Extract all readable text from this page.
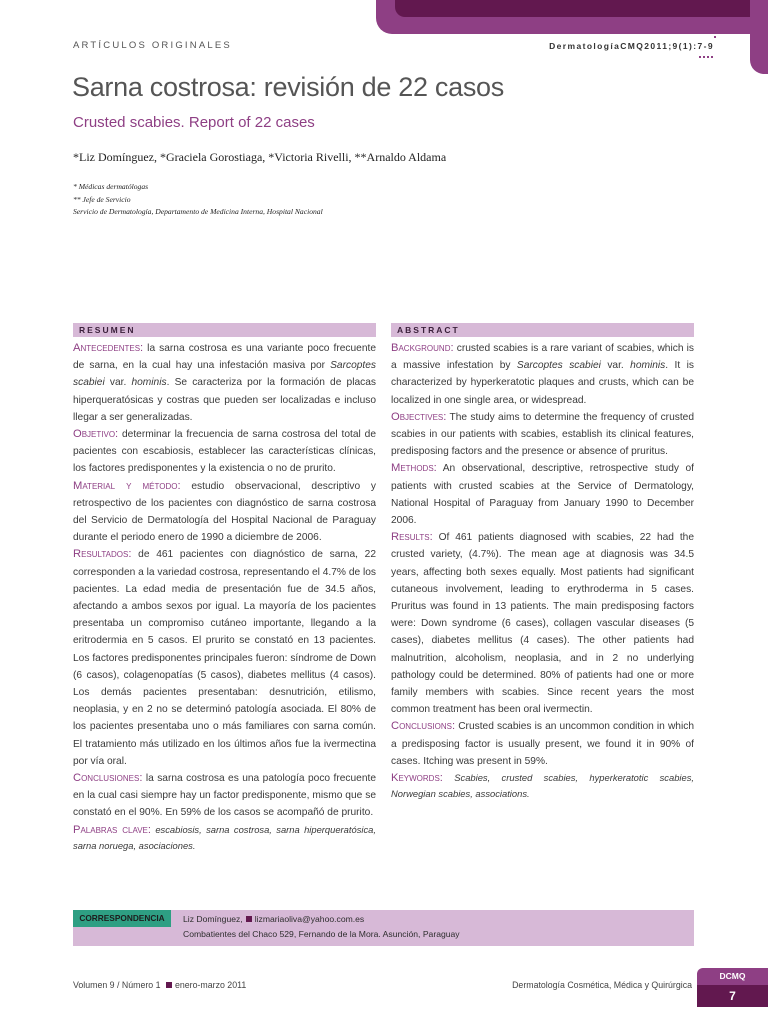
ARTÍCULOS ORIGINALES	DermatologíaCMQ2011;9(1):7-9
Sarna costrosa: revisión de 22 casos
Crusted scabies. Report of 22 cases
*Liz Domínguez, *Graciela Gorostiaga, *Victoria Rivelli, **Arnaldo Aldama
* Médicas dermatólogas
** Jefe de Servicio
Servicio de Dermatología, Departamento de Medicina Interna, Hospital Nacional
RESUMEN

Antecedentes: la sarna costrosa es una variante poco frecuente de sarna, en la cual hay una infestación masiva por Sarcoptes scabiei var. hominis. Se caracteriza por la formación de placas hiperqueratósicas y costras que pueden ser localizadas e incluso llegar a ser generalizadas.

Objetivo: determinar la frecuencia de sarna costrosa del total de pacientes con escabiosis, establecer las características clínicas, los factores predisponentes y la existencia o no de prurito.

Material y método: estudio observacional, descriptivo y retrospectivo de los pacientes con diagnóstico de sarna costrosa del Servicio de Dermatología del Hospital Nacional de Paraguay durante el periodo enero de 1990 a diciembre de 2006.

Resultados: de 461 pacientes con diagnóstico de sarna, 22 corresponden a la variedad costrosa, representando el 4.7% de los pacientes. La edad media de presentación fue de 34.5 años, afectando a ambos sexos por igual. La mayoría de los pacientes presentaba un compromiso cutáneo importante, llegando a la eritrodermia en 5 casos. El prurito se constató en 13 pacientes. Los factores predisponentes principales fueron: síndrome de Down (6 casos), colagenopatías (5 casos), diabetes mellitus (4 casos). Los demás pacientes presentaban: desnutrición, etilismo, neoplasia, y en 2 no se determinó patología asociada. El 80% de los pacientes presentaba uno o más familiares con sarna común. El tratamiento más utilizado en los últimos años fue la ivermectina por vía oral.

Conclusiones: la sarna costrosa es una patología poco frecuente en la cual casi siempre hay un factor predisponente, mismo que se constató en el 90%. En 59% de los casos se acompañó de prurito.

Palabras clave: escabiosis, sarna costrosa, sarna hiperqueratósica, sarna noruega, asociaciones.

ABSTRACT

Background: crusted scabies is a rare variant of scabies, which is a massive infestation by Sarcoptes scabiei var. hominis. It is characterized by hyperkeratotic plaques and crusts, which can be localized in one single area, or widespread.

Objectives: The study aims to determine the frequency of crusted scabies in our patients with scabies, establish its clinical features, predisposing factors and the presence or absence of pruritus.

Methods: An observational, descriptive, retrospective study of patients with crusted scabies at the Service of Dermatology, National Hospital of Paraguay from January 1990 to December 2006.

Results: Of 461 patients diagnosed with scabies, 22 had the crusted variety, (4.7%). The mean age at diagnosis was 34.5 years, affecting both sexes equally. Most patients had significant cutaneous involvement, leading to erythroderma in 5 cases. Pruritus was found in 13 patients. The main predisposing factors were: Down syndrome (6 cases), collagen vascular diseases (5 cases), diabetes mellitus (4 cases). The other patients had malnutrition, alcoholism, neoplasia, and in 2 no underlying pathology could be determined. 80% of patients had one or more family members with scabies. Since recent years the most common treatment has been oral ivermectin.

Conclusions: Crusted scabies is an uncommon condition in which a predisposing factor is usually present, we found it in 90% of cases. Itching was present in 59%.

Keywords: Scabies, crusted scabies, hyperkeratotic scabies, Norwegian scabies, associations.

CORRESPONDENCIA	Liz Domínguez, lizmariaoliva@yahoo.com.es
Combatientes del Chaco 529, Fernando de la Mora. Asunción, Paraguay
Volumen 9 / Número 1 enero-marzo 2011	Dermatología Cosmética, Médica y Quirúrgica
DCMQ
7
